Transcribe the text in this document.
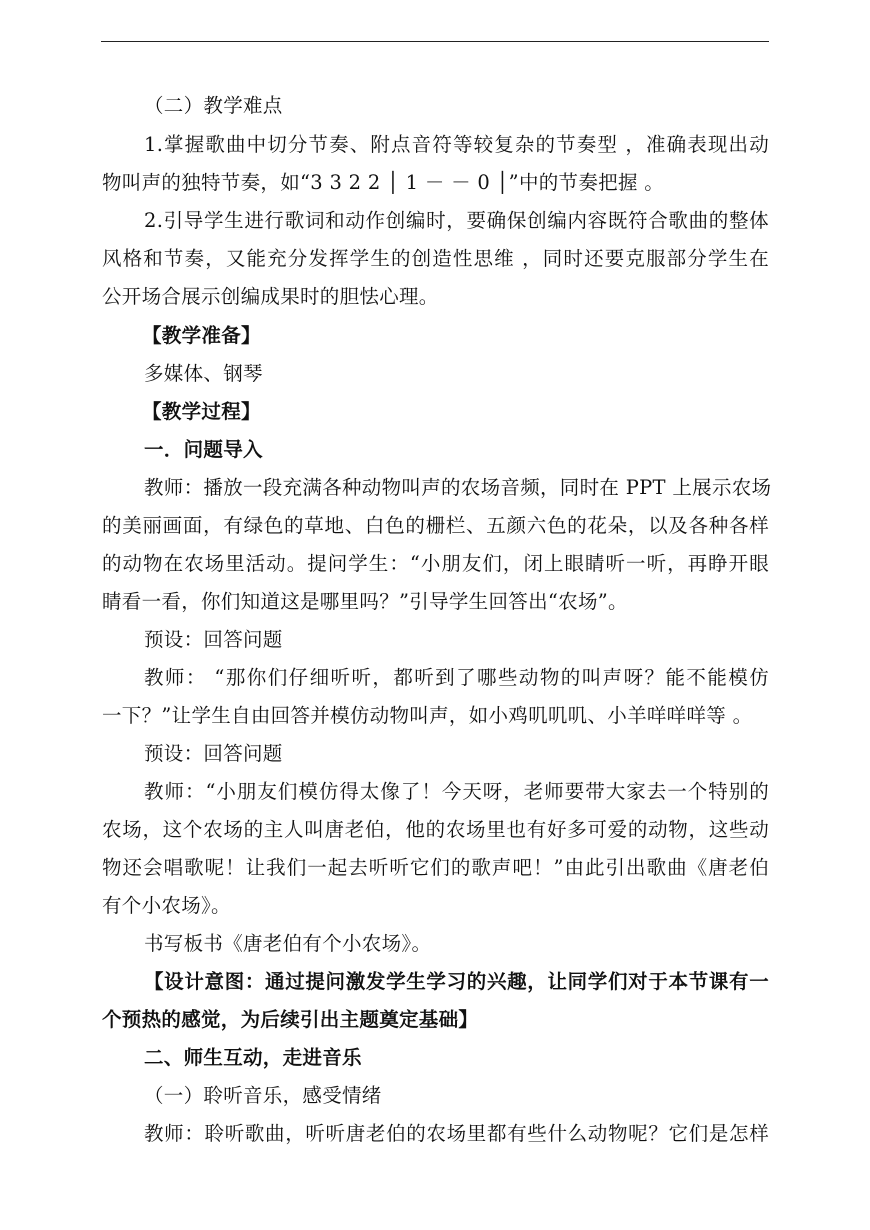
（二）教学难点
1.掌握歌曲中切分节奏、附点音符等较复杂的节奏型 ，准确表现出动
物叫声的独特节奏，如“3 3 2 2 │ 1 － － 0 │”中的节奏把握 。
2.引导学生进行歌词和动作创编时，要确保创编内容既符合歌曲的整体
风格和节奏，又能充分发挥学生的创造性思维 ，同时还要克服部分学生在
公开场合展示创编成果时的胆怯心理。
【教学准备】
多媒体、钢琴
【教学过程】
一．问题导入
教师：播放一段充满各种动物叫声的农场音频，同时在 PPT 上展示农场
的美丽画面，有绿色的草地、白色的栅栏、五颜六色的花朵，以及各种各样
的动物在农场里活动。提问学生：“小朋友们，闭上眼睛听一听，再睁开眼
睛看一看，你们知道这是哪里吗？”引导学生回答出“农场”。
预设：回答问题
教师： “那你们仔细听听，都听到了哪些动物的叫声呀？能不能模仿
一下？”让学生自由回答并模仿动物叫声，如小鸡叽叽叽、小羊咩咩咩等 。
预设：回答问题
教师：“小朋友们模仿得太像了！今天呀，老师要带大家去一个特别的
农场，这个农场的主人叫唐老伯，他的农场里也有好多可爱的动物，这些动
物还会唱歌呢！让我们一起去听听它们的歌声吧！”由此引出歌曲《唐老伯
有个小农场》。
书写板书《唐老伯有个小农场》。
【设计意图：通过提问激发学生学习的兴趣，让同学们对于本节课有一
个预热的感觉，为后续引出主题奠定基础】
二、师生互动，走进音乐
（一）聆听音乐，感受情绪
教师：聆听歌曲，听听唐老伯的农场里都有些什么动物呢？它们是怎样
